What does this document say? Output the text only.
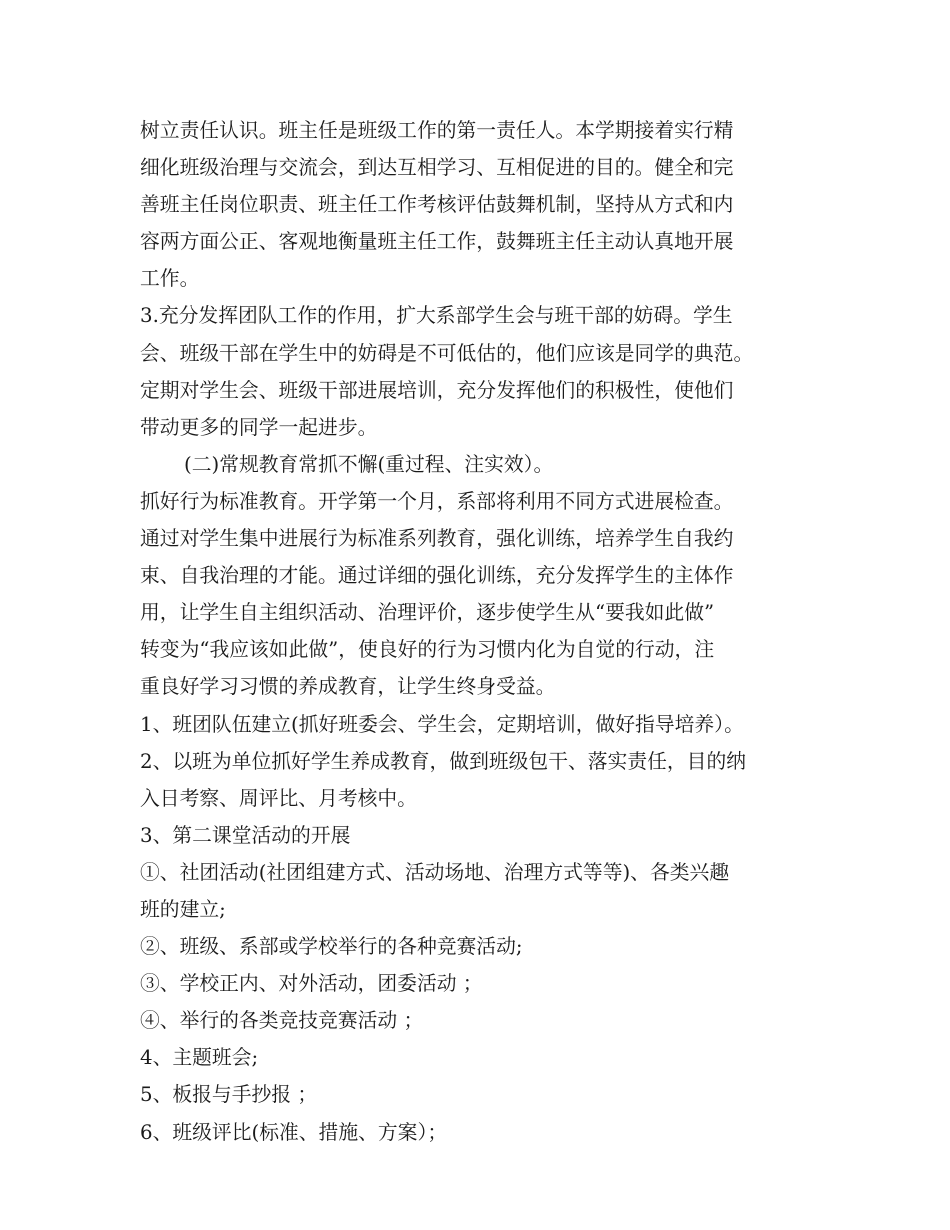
树立责任认识。班主任是班级工作的第一责任人。本学期接着实行精
细化班级治理与交流会，到达互相学习、互相促进的目的。健全和完
善班主任岗位职责、班主任工作考核评估鼓舞机制，坚持从方式和内
容两方面公正、客观地衡量班主任工作，鼓舞班主任主动认真地开展
工作。
3.充分发挥团队工作的作用，扩大系部学生会与班干部的妨碍。学生
会、班级干部在学生中的妨碍是不可低估的，他们应该是同学的典范。
定期对学生会、班级干部进展培训，充分发挥他们的积极性，使他们
带动更多的同学一起进步。
(二)常规教育常抓不懈(重过程、注实效）。
抓好行为标准教育。开学第一个月，系部将利用不同方式进展检查。
通过对学生集中进展行为标准系列教育，强化训练，培养学生自我约
束、自我治理的才能。通过详细的强化训练，充分发挥学生的主体作
用，让学生自主组织活动、治理评价，逐步使学生从“要我如此做”
转变为“我应该如此做”，使良好的行为习惯内化为自觉的行动，注
重良好学习习惯的养成教育，让学生终身受益。
1、班团队伍建立(抓好班委会、学生会，定期培训，做好指导培养）。
2、以班为单位抓好学生养成教育，做到班级包干、落实责任，目的纳
入日考察、周评比、月考核中。
3、第二课堂活动的开展
①、社团活动(社团组建方式、活动场地、治理方式等等)、各类兴趣
班的建立;
②、班级、系部或学校举行的各种竞赛活动;
③、学校正内、对外活动，团委活动 ；
④、举行的各类竞技竞赛活动 ；
4、主题班会;
5、板报与手抄报 ；
6、班级评比(标准、措施、方案）；
